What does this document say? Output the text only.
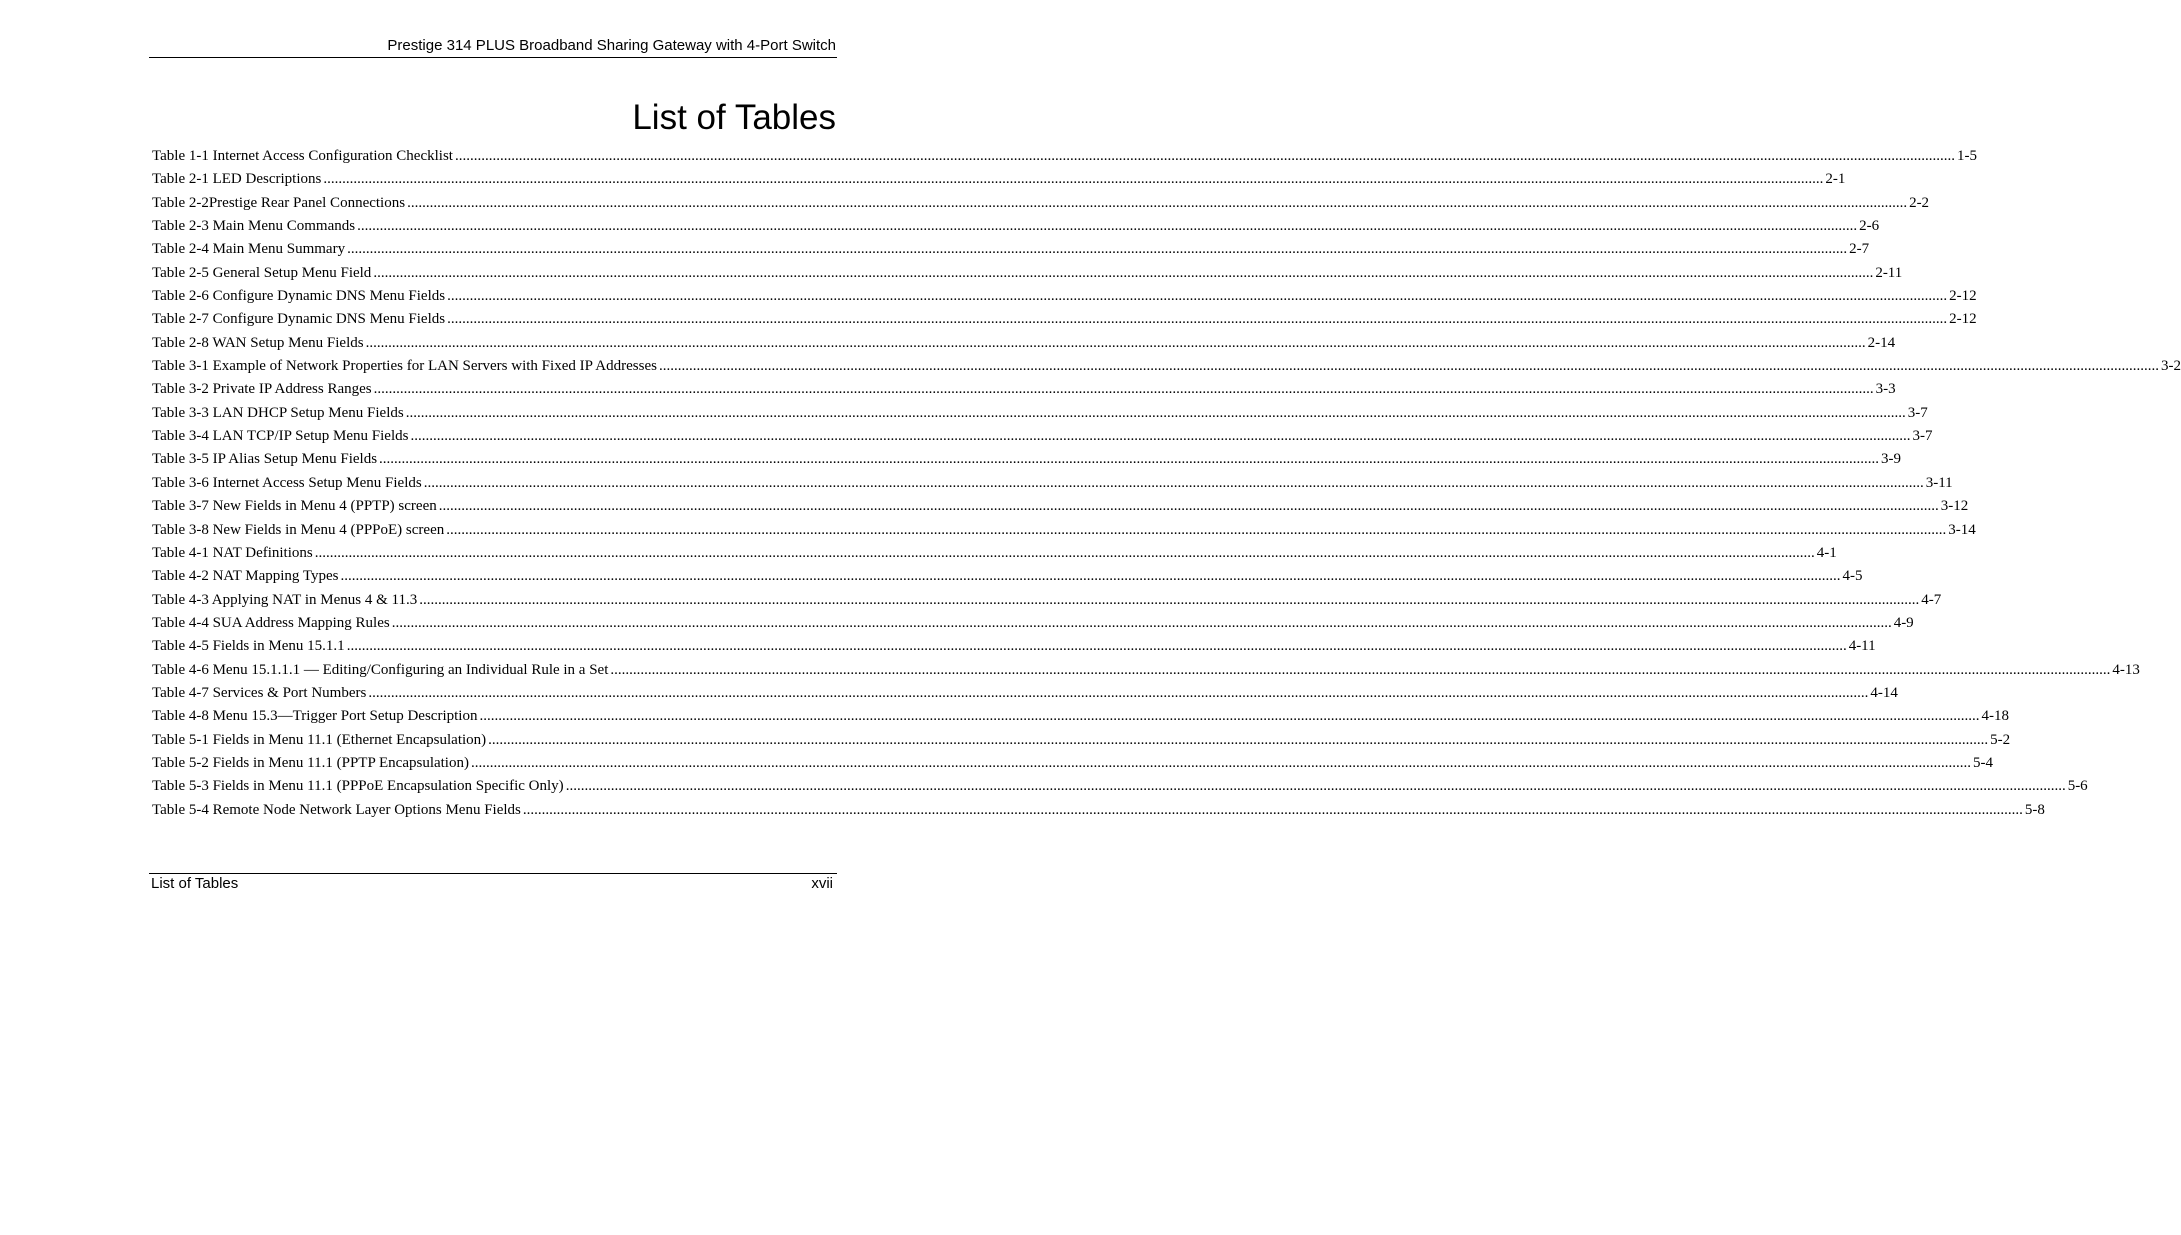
Prestige 314 PLUS Broadband Sharing Gateway with 4-Port Switch
List of Tables
Table 1-1 Internet Access Configuration Checklist ................................................................................................................................................................................................................................................................................................................................................................................................................ 1-5
Table 2-1 LED Descriptions ................................................................................................................................................................................................................................................................................................................................................................................................................ 2-1
Table 2-2Prestige Rear Panel Connections ................................................................................................................................................................................................................................................................................................................................................................................................................ 2-2
Table 2-3 Main Menu Commands ................................................................................................................................................................................................................................................................................................................................................................................................................ 2-6
Table 2-4 Main Menu Summary ................................................................................................................................................................................................................................................................................................................................................................................................................ 2-7
Table 2-5 General Setup Menu Field ................................................................................................................................................................................................................................................................................................................................................................................................................ 2-11
Table 2-6 Configure Dynamic DNS Menu Fields ................................................................................................................................................................................................................................................................................................................................................................................................................ 2-12
Table 2-7 Configure Dynamic DNS Menu Fields ................................................................................................................................................................................................................................................................................................................................................................................................................ 2-12
Table 2-8 WAN Setup Menu Fields ................................................................................................................................................................................................................................................................................................................................................................................................................ 2-14
Table 3-1 Example of Network Properties for LAN Servers with Fixed IP Addresses ................................................................................................................................................................................................................................................................................................................................................................................................................ 3-2
Table 3-2 Private IP Address Ranges ................................................................................................................................................................................................................................................................................................................................................................................................................ 3-3
Table 3-3 LAN DHCP Setup Menu Fields ................................................................................................................................................................................................................................................................................................................................................................................................................ 3-7
Table 3-4 LAN TCP/IP Setup Menu Fields ................................................................................................................................................................................................................................................................................................................................................................................................................ 3-7
Table 3-5 IP Alias Setup Menu Fields ................................................................................................................................................................................................................................................................................................................................................................................................................ 3-9
Table 3-6 Internet Access Setup Menu Fields ................................................................................................................................................................................................................................................................................................................................................................................................................ 3-11
Table 3-7 New Fields in Menu 4 (PPTP) screen ................................................................................................................................................................................................................................................................................................................................................................................................................ 3-12
Table 3-8 New Fields in Menu 4 (PPPoE) screen ................................................................................................................................................................................................................................................................................................................................................................................................................ 3-14
Table 4-1 NAT Definitions ................................................................................................................................................................................................................................................................................................................................................................................................................ 4-1
Table 4-2 NAT Mapping Types ................................................................................................................................................................................................................................................................................................................................................................................................................ 4-5
Table 4-3 Applying NAT in Menus 4 & 11.3 ................................................................................................................................................................................................................................................................................................................................................................................................................ 4-7
Table 4-4 SUA Address Mapping Rules ................................................................................................................................................................................................................................................................................................................................................................................................................ 4-9
Table 4-5 Fields in Menu 15.1.1 ................................................................................................................................................................................................................................................................................................................................................................................................................ 4-11
Table 4-6 Menu 15.1.1.1 — Editing/Configuring an Individual Rule in a Set ................................................................................................................................................................................................................................................................................................................................................................................................................ 4-13
Table 4-7 Services & Port Numbers ................................................................................................................................................................................................................................................................................................................................................................................................................ 4-14
Table 4-8 Menu 15.3—Trigger Port Setup Description ................................................................................................................................................................................................................................................................................................................................................................................................................ 4-18
Table 5-1 Fields in Menu 11.1 (Ethernet Encapsulation) ................................................................................................................................................................................................................................................................................................................................................................................................................ 5-2
Table 5-2 Fields in Menu 11.1 (PPTP Encapsulation) ................................................................................................................................................................................................................................................................................................................................................................................................................ 5-4
Table 5-3 Fields in Menu 11.1 (PPPoE Encapsulation Specific Only) ................................................................................................................................................................................................................................................................................................................................................................................................................ 5-6
Table 5-4 Remote Node Network Layer Options Menu Fields ................................................................................................................................................................................................................................................................................................................................................................................................................ 5-8
List of Tables	xvii
